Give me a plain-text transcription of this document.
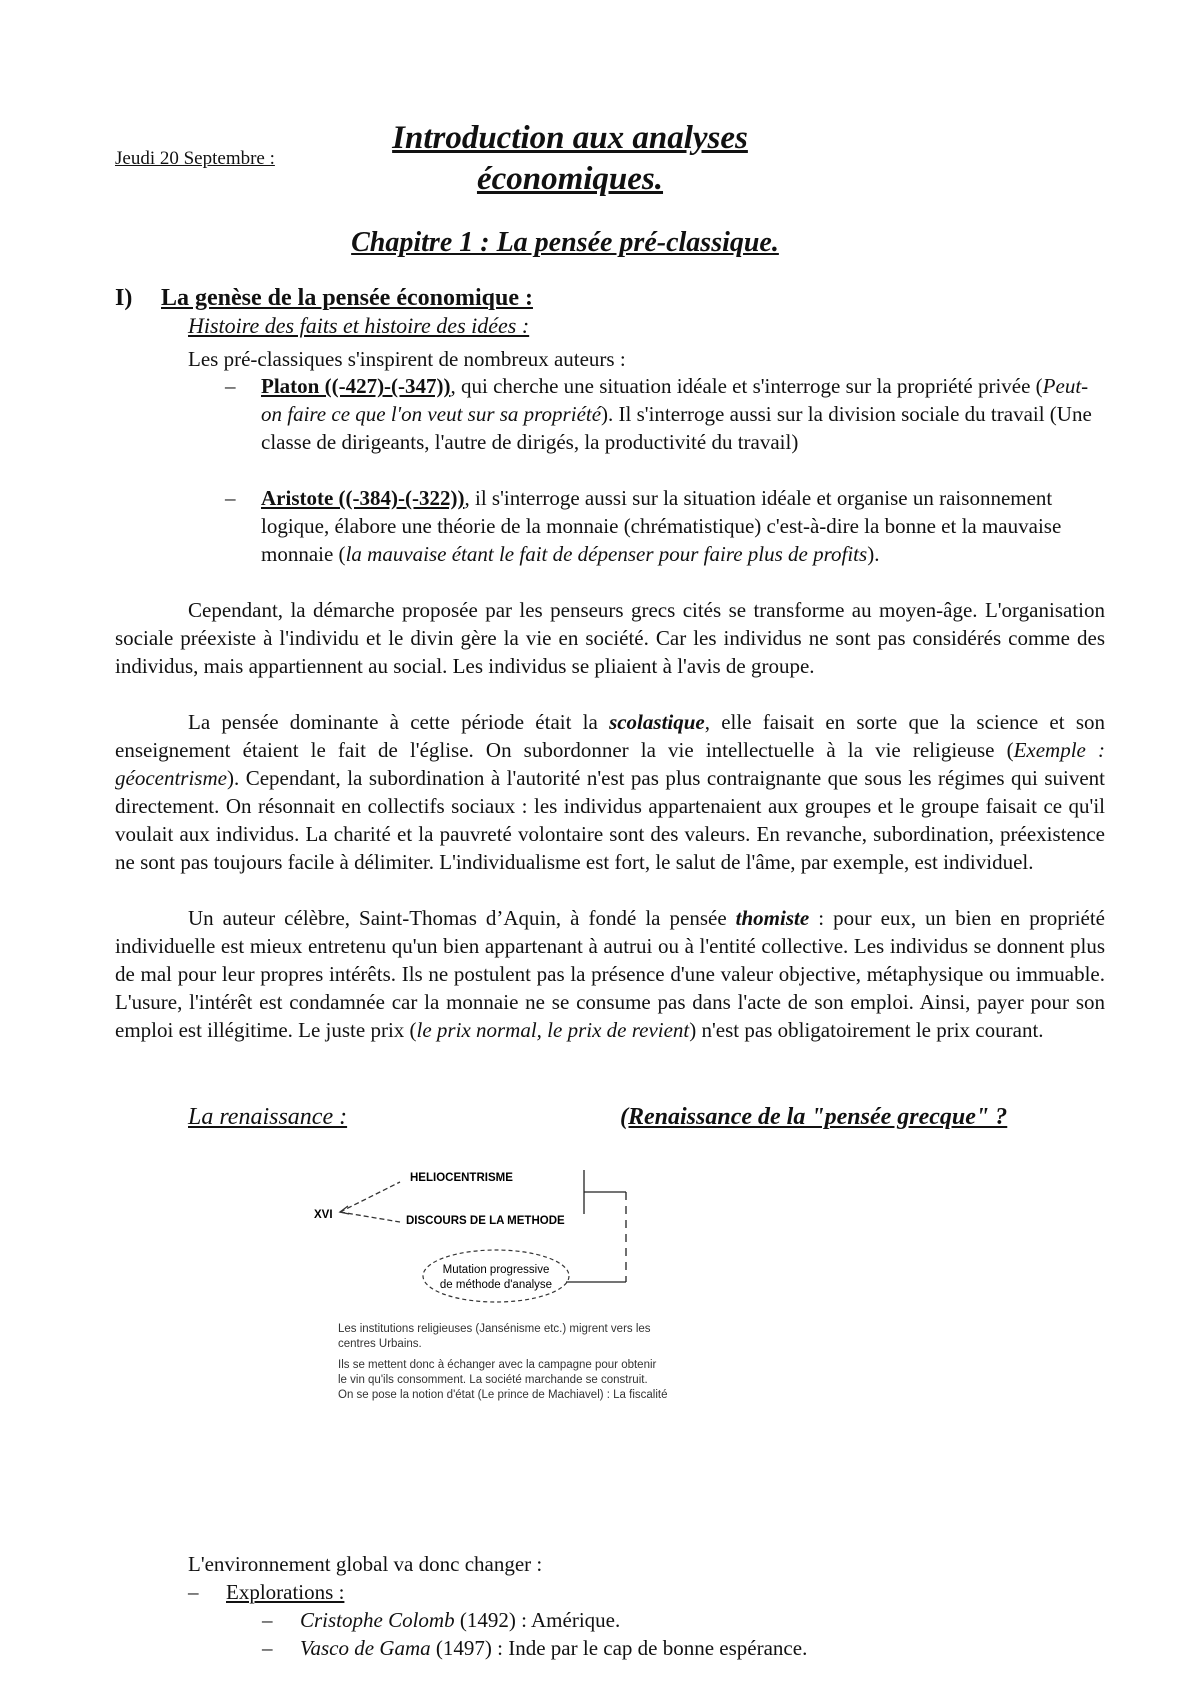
Jeudi 20 Septembre :
Introduction aux analyses
économiques.
Chapitre 1 : La pensée pré-classique.
I) La genèse de la pensée économique :
Histoire des faits et histoire des idées :
Les pré-classiques s'inspirent de nombreux auteurs :
– Platon ((-427)-(-347)), qui cherche une situation idéale et s'interroge sur la propriété privée (Peut-on faire ce que l'on veut sur sa propriété). Il s'interroge aussi sur la division sociale du travail (Une classe de dirigeants, l'autre de dirigés, la productivité du travail)
– Aristote ((-384)-(-322)), il s'interroge aussi sur la situation idéale et organise un raisonnement logique, élabore une théorie de la monnaie (chrématistique) c'est-à-dire la bonne et la mauvaise monnaie (la mauvaise étant le fait de dépenser pour faire plus de profits).

Cependant, la démarche proposée par les penseurs grecs cités se transforme au moyen-âge. L'organisation sociale préexiste à l'individu et le divin gère la vie en société. Car les individus ne sont pas considérés comme des individus, mais appartiennent au social. Les individus se pliaient à l'avis de groupe.

La pensée dominante à cette période était la scolastique, elle faisait en sorte que la science et son enseignement étaient le fait de l'église. On subordonner la vie intellectuelle à la vie religieuse (Exemple : géocentrisme). Cependant, la subordination à l'autorité n'est pas plus contraignante que sous les régimes qui suivent directement. On résonnait en collectifs sociaux : les individus appartenaient aux groupes et le groupe faisait ce qu'il voulait aux individus. La charité et la pauvreté volontaire sont des valeurs. En revanche, subordination, préexistence ne sont pas toujours facile à délimiter. L'individualisme est fort, le salut de l'âme, par exemple, est individuel.

Un auteur célèbre, Saint-Thomas d’Aquin, à fondé la pensée thomiste : pour eux, un bien en propriété individuelle est mieux entretenu qu'un bien appartenant à autrui ou à l'entité collective. Les individus se donnent plus de mal pour leur propres intérêts. Ils ne postulent pas la présence d'une valeur objective, métaphysique ou immuable. L'usure, l'intérêt est condamnée car la monnaie ne se consume pas dans l'acte de son emploi. Ainsi, payer pour son emploi est illégitime. Le juste prix (le prix normal, le prix de revient) n'est pas obligatoirement le prix courant.

La renaissance :	(Renaissance de la "pensée grecque" ?
XVI
HELIOCENTRISME
DISCOURS DE LA METHODE
Mutation progressive
de méthode d'analyse
Les institutions religieuses (Jansénisme etc.) migrent vers les centres Urbains.
Ils se mettent donc à échanger avec la campagne pour obtenir le vin qu'ils consomment. La société marchande se construit.
On se pose la notion d'état (Le prince de Machiavel) : La fiscalité
L'environnement global va donc changer :
– Explorations :
– Cristophe Colomb (1492) : Amérique.
– Vasco de Gama (1497) : Inde par le cap de bonne espérance.
